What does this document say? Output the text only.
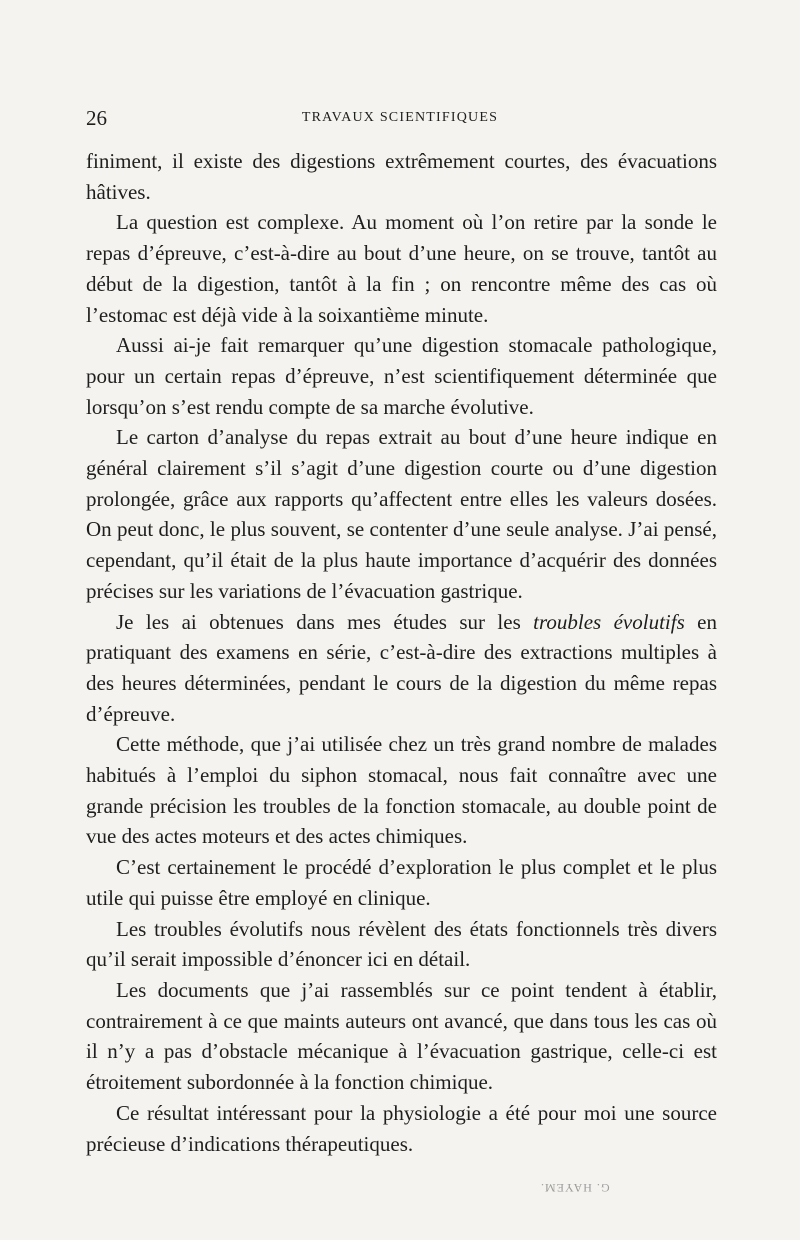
26	TRAVAUX SCIENTIFIQUES

finiment, il existe des digestions extrêmement courtes, des évacuations hâtives.

La question est complexe. Au moment où l’on retire par la sonde le repas d’épreuve, c’est-à-dire au bout d’une heure, on se trouve, tantôt au début de la digestion, tantôt à la fin ; on rencontre même des cas où l’estomac est déjà vide à la soixantième minute.

Aussi ai-je fait remarquer qu’une digestion stomacale pathologique, pour un certain repas d’épreuve, n’est scientifiquement déterminée que lorsqu’on s’est rendu compte de sa marche évolutive.

Le carton d’analyse du repas extrait au bout d’une heure indique en général clairement s’il s’agit d’une digestion courte ou d’une digestion prolongée, grâce aux rapports qu’affectent entre elles les valeurs dosées. On peut donc, le plus souvent, se contenter d’une seule analyse. J’ai pensé, cependant, qu’il était de la plus haute importance d’acquérir des données précises sur les variations de l’évacuation gastrique.

Je les ai obtenues dans mes études sur les troubles évolutifs en pratiquant des examens en série, c’est-à-dire des extractions multiples à des heures déterminées, pendant le cours de la digestion du même repas d’épreuve.

Cette méthode, que j’ai utilisée chez un très grand nombre de malades habitués à l’emploi du siphon stomacal, nous fait connaître avec une grande précision les troubles de la fonction stomacale, au double point de vue des actes moteurs et des actes chimiques.

C’est certainement le procédé d’exploration le plus complet et le plus utile qui puisse être employé en clinique.

Les troubles évolutifs nous révèlent des états fonctionnels très divers qu’il serait impossible d’énoncer ici en détail.

Les documents que j’ai rassemblés sur ce point tendent à établir, contrairement à ce que maints auteurs ont avancé, que dans tous les cas où il n’y a pas d’obstacle mécanique à l’évacuation gastrique, celle-ci est étroitement subordonnée à la fonction chimique.

Ce résultat intéressant pour la physiologie a été pour moi une source précieuse d’indications thérapeutiques.

G. HAYEM.
